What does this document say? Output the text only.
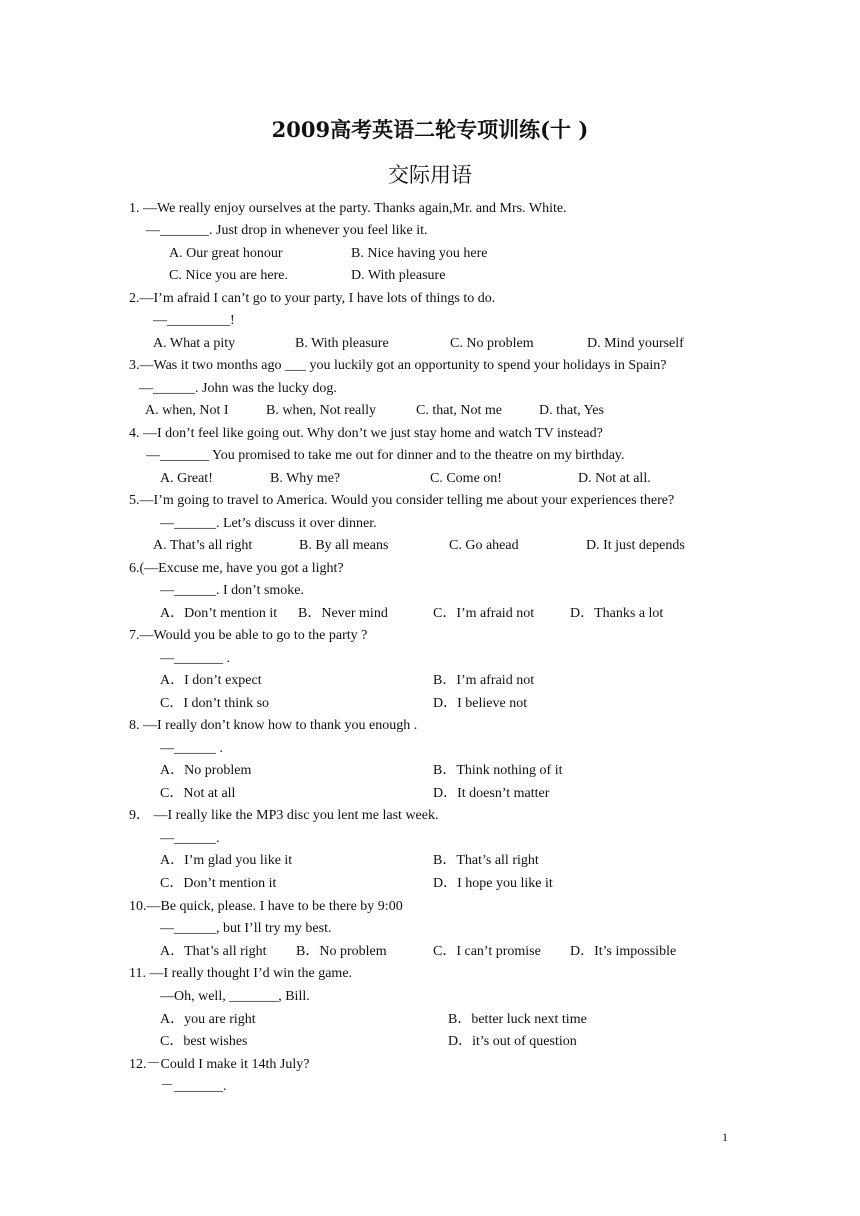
2009高考英语二轮专项训练(十 )
交际用语
1. —We really enjoy ourselves at the party. Thanks again,Mr. and Mrs. White.
—_______. Just drop in whenever you feel like it.
A. Our great honour	B. Nice having you here
C. Nice you are here.	D. With pleasure
2.—I’m afraid I can’t go to your party, I have lots of things to do.
—_________!
A. What a pity	B. With pleasure	C. No problem	D. Mind yourself
3.—Was it two months ago ___ you luckily got an opportunity to spend your holidays in Spain?
—______. John was the lucky dog.
A. when, Not I	B. when, Not really	C. that, Not me	D. that, Yes
4. —I don’t feel like going out. Why don’t we just stay home and watch TV instead?
—_______ You promised to take me out for dinner and to the theatre on my birthday.
A. Great!	B. Why me?	C. Come on!	D. Not at all.
5.—I’m going to travel to America. Would you consider telling me about your experiences there?
—______. Let’s discuss it over dinner.
A. That’s all right	B. By all means	C. Go ahead	D. It just depends
6.(—Excuse me, have you got a light?
—______. I don’t smoke.
A．Don’t mention it B．Never mind	C．I’m afraid not	D．Thanks a lot
7.—Would you be able to go to the party ?
—_______ .
A．I don’t expect	B．I’m afraid not
C．I don’t think so	D．I believe not
8. —I really don’t know how to thank you enough .
—______ .
A．No problem	B．Think nothing of it
C．Not at all	D．It doesn’t matter
9． —I really like the MP3 disc you lent me last week.
—______.
A．I’m glad you like it	B．That’s all right
C．Don’t mention it	D．I hope you like it
10.—Be quick, please. I have to be there by 9:00
—______, but I’ll try my best.
A．That’s all right B．No problem	C．I can’t promise D．It’s impossible
11. —I really thought I’d win the game.
—Oh, well, _______, Bill.
A．you are right	B．better luck next time
C．best wishes	D．it’s out of question
12.－Could I make it 14th July?
－_______.
1
